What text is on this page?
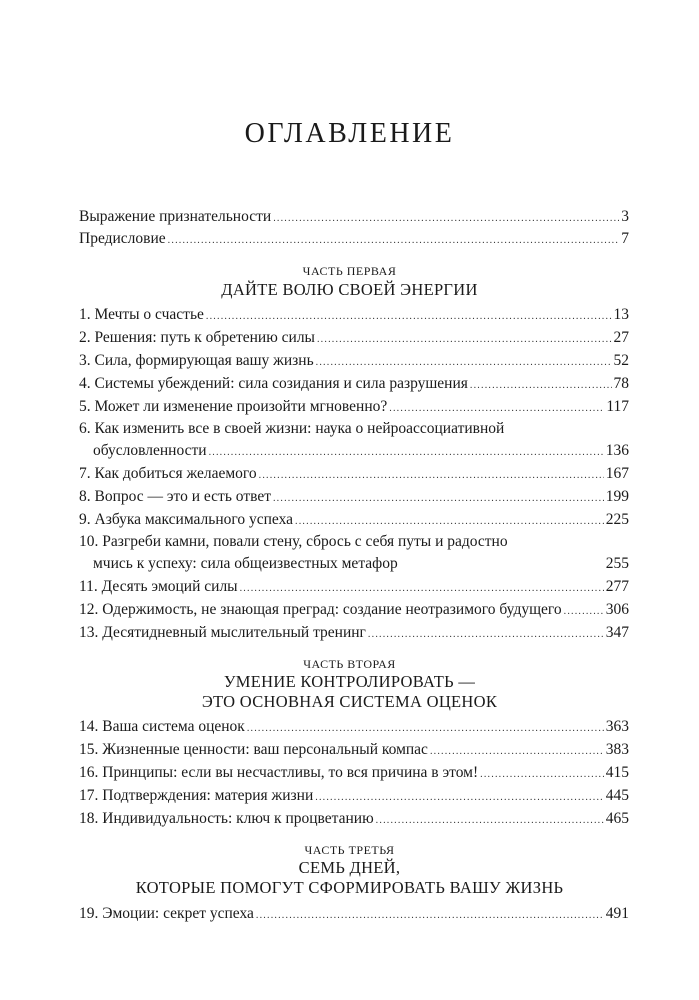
ОГЛАВЛЕНИЕ
Выражение признательности .....	3
Предисловие .....	7
ЧАСТЬ ПЕРВАЯ
ДАЙТЕ ВОЛЮ СВОЕЙ ЭНЕРГИИ
1. Мечты о счастье .....	13
2. Решения: путь к обретению силы .....	27
3. Сила, формирующая вашу жизнь .....	52
4. Системы убеждений: сила созидания и сила разрушения .....	78
5. Может ли изменение произойти мгновенно? .....	117
6. Как изменить все в своей жизни: наука о нейроассоциативной
обусловленности .....	136
7. Как добиться желаемого .....	167
8. Вопрос — это и есть ответ .....	199
9. Азбука максимального успеха .....	225
10. Разгреби камни, повали стену, сбрось с себя путы и радостно
мчись к успеху: сила общеизвестных метафор	255
11. Десять эмоций силы .....	277
12. Одержимость, не знающая преград: создание неотразимого будущего .....	306
13. Десятидневный мыслительный тренинг .....	347
ЧАСТЬ ВТОРАЯ
УМЕНИЕ КОНТРОЛИРОВАТЬ —
ЭТО ОСНОВНАЯ СИСТЕМА ОЦЕНОК
14. Ваша система оценок .....	363
15. Жизненные ценности: ваш персональный компас .....	383
16. Принципы: если вы несчастливы, то вся причина в этом! .....	415
17. Подтверждения: материя жизни .....	445
18. Индивидуальность: ключ к процветанию .....	465
ЧАСТЬ ТРЕТЬЯ
СЕМЬ ДНЕЙ,
КОТОРЫЕ ПОМОГУТ СФОРМИРОВАТЬ ВАШУ ЖИЗНЬ
19. Эмоции: секрет успеха .....	491
